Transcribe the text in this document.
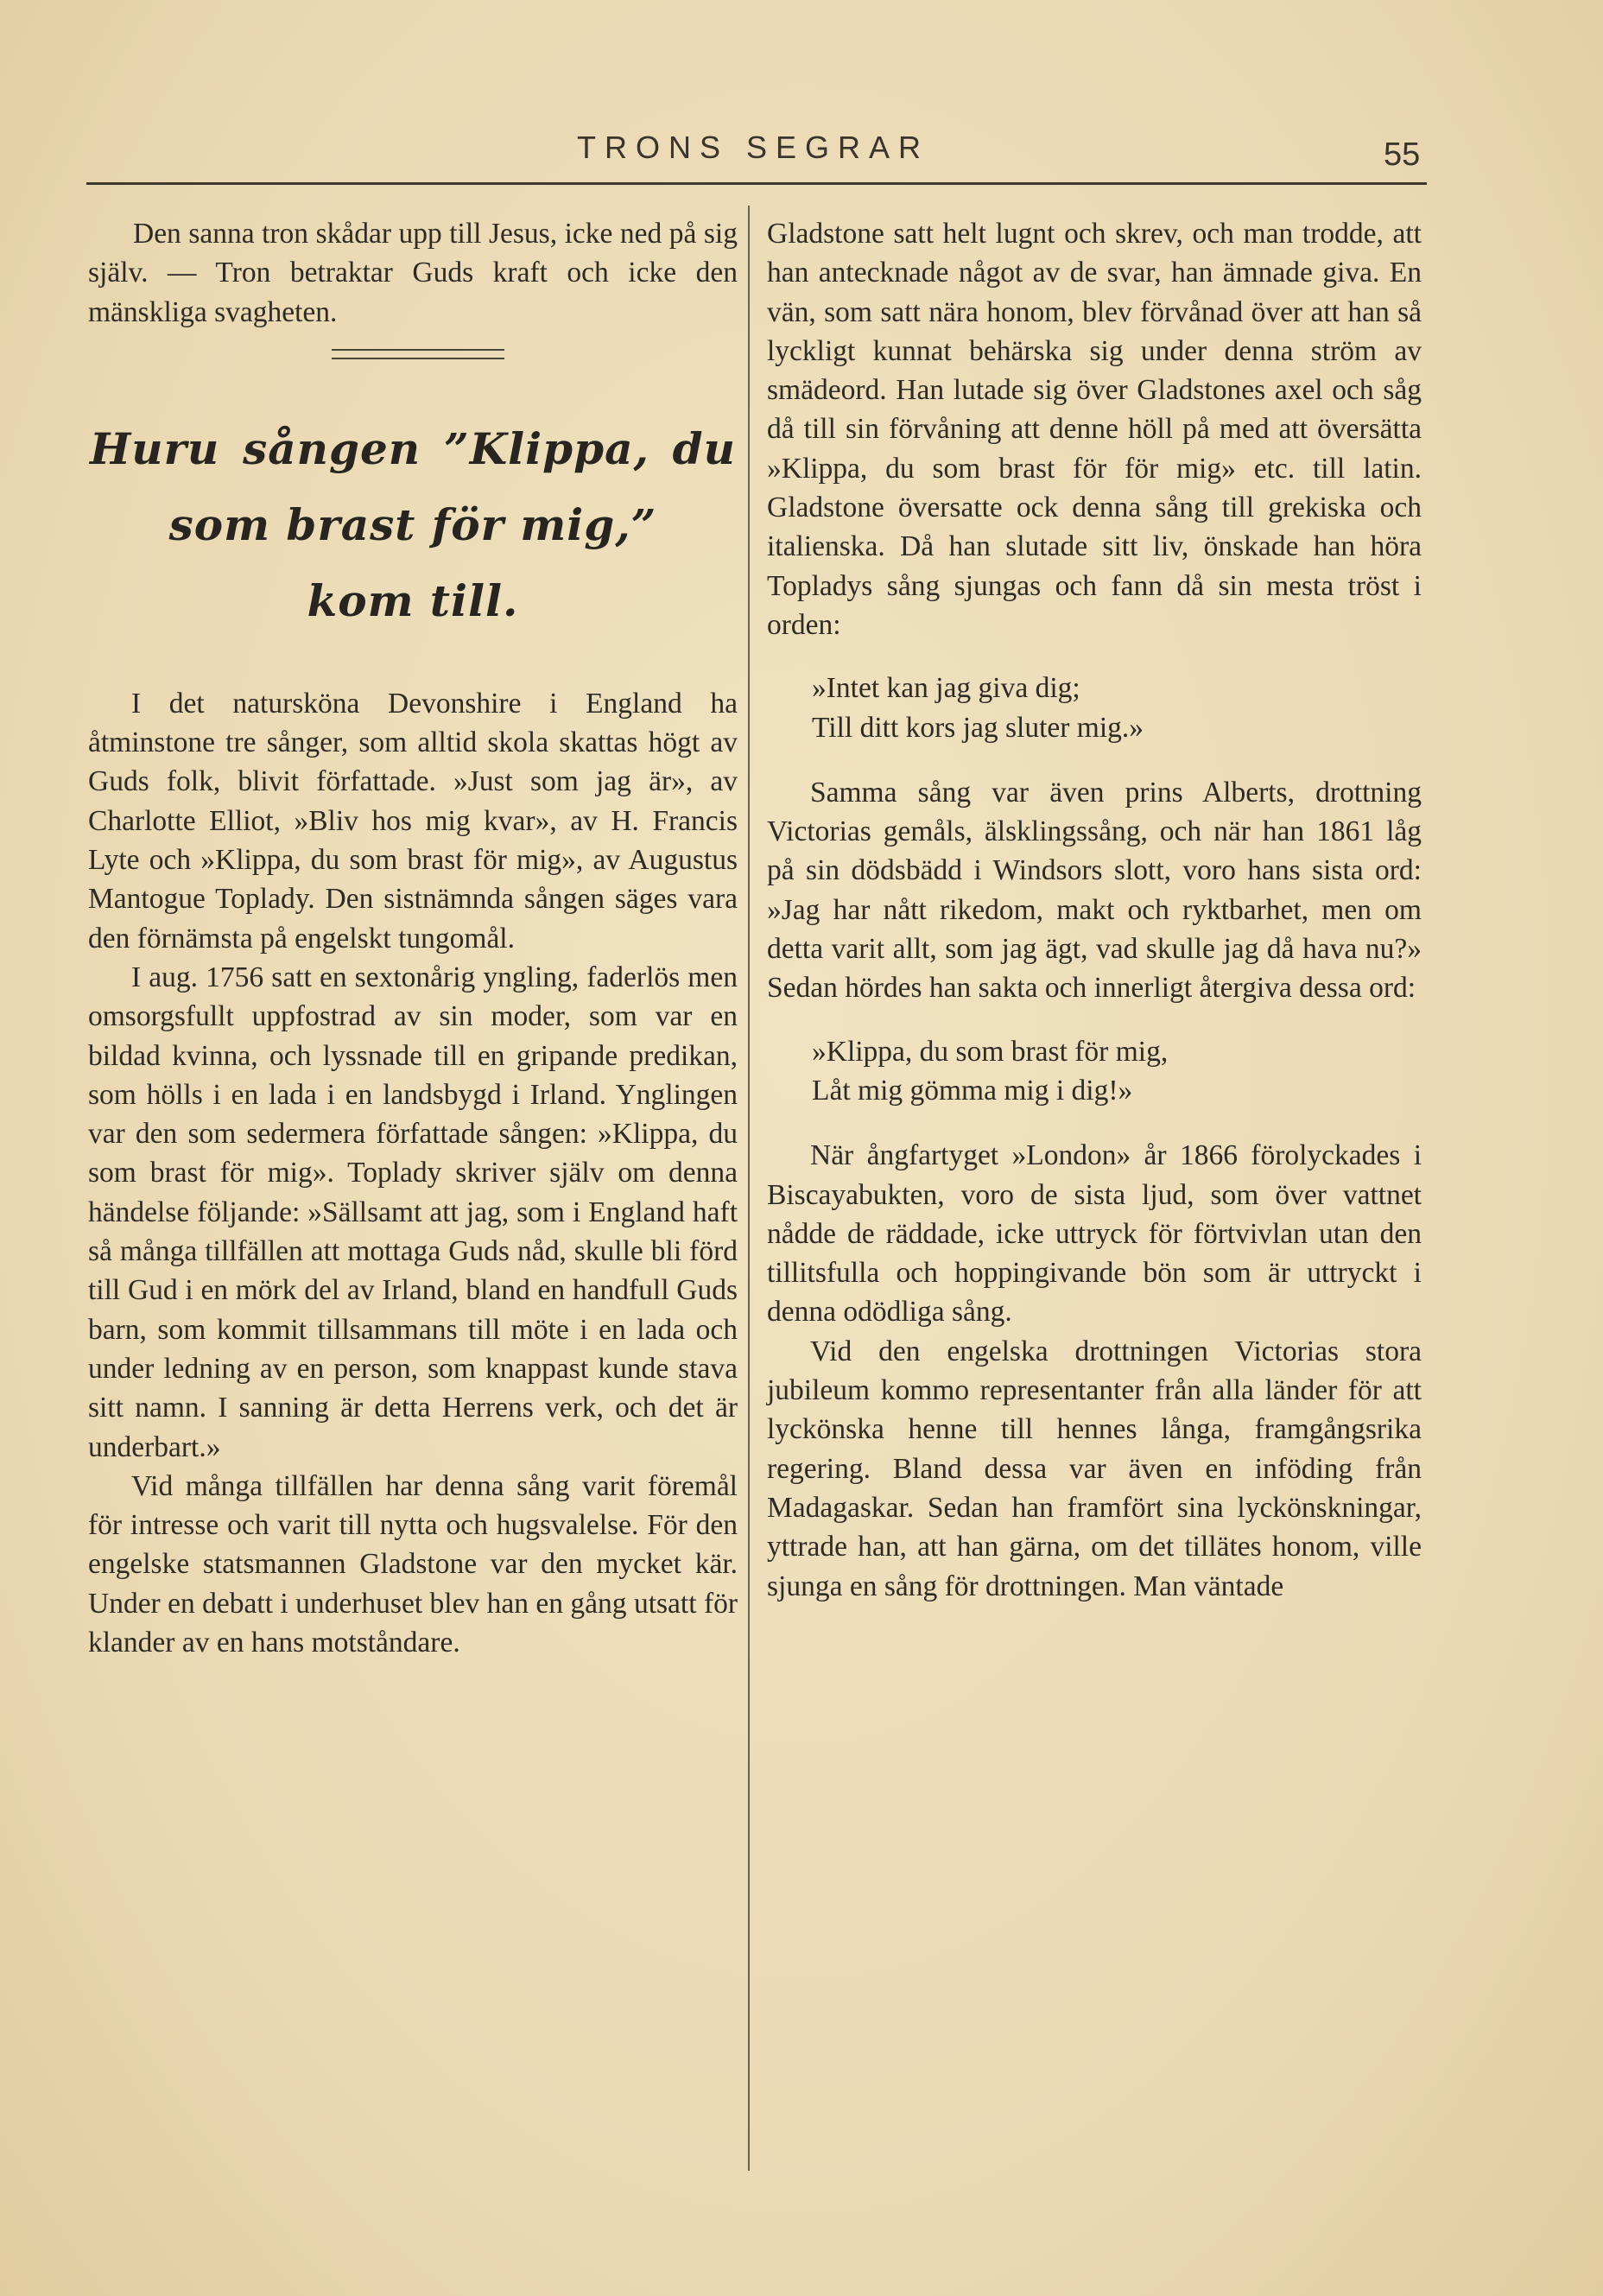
TRONS SEGRAR	55

Den sanna tron skådar upp till Jesus, icke ned på sig själv. — Tron betraktar Guds kraft och icke den mänskliga svagheten.

Huru sången ”Klippa, du
som brast för mig,”
kom till.

I det natursköna Devonshire i England ha åtminstone tre sånger, som alltid skola skattas högt av Guds folk, blivit författade. »Just som jag är», av Charlotte Elliot, »Bliv hos mig kvar», av H. Francis Lyte och »Klippa, du som brast för mig», av Augustus Mantogue Toplady. Den sistnämnda sången säges vara den förnämsta på engelskt tungomål.

I aug. 1756 satt en sextonårig yngling, faderlös men omsorgsfullt uppfostrad av sin moder, som var en bildad kvinna, och lyssnade till en gripande predikan, som hölls i en lada i en landsbygd i Irland. Ynglingen var den som sedermera författade sången: »Klippa, du som brast för mig». Toplady skriver själv om denna händelse följande: »Sällsamt att jag, som i England haft så många tillfällen att mottaga Guds nåd, skulle bli förd till Gud i en mörk del av Irland, bland en handfull Guds barn, som kommit tillsammans till möte i en lada och under ledning av en person, som knappast kunde stava sitt namn. I sanning är detta Herrens verk, och det är underbart.»

Vid många tillfällen har denna sång varit föremål för intresse och varit till nytta och hugsvalelse. För den engelske statsmannen Gladstone var den mycket kär. Under en debatt i underhuset blev han en gång utsatt för klander av en hans motståndare.

Gladstone satt helt lugnt och skrev, och man trodde, att han antecknade något av de svar, han ämnade giva. En vän, som satt nära honom, blev förvånad över att han så lyckligt kunnat behärska sig under denna ström av smädeord. Han lutade sig över Gladstones axel och såg då till sin förvåning att denne höll på med att översätta »Klippa, du som brast för för mig» etc. till latin. Gladstone översatte ock denna sång till grekiska och italienska. Då han slutade sitt liv, önskade han höra Topladys sång sjungas och fann då sin mesta tröst i orden:

»Intet kan jag giva dig;
Till ditt kors jag sluter mig.»

Samma sång var även prins Alberts, drottning Victorias gemåls, älsklingssång, och när han 1861 låg på sin dödsbädd i Windsors slott, voro hans sista ord: »Jag har nått rikedom, makt och ryktbarhet, men om detta varit allt, som jag ägt, vad skulle jag då hava nu?» Sedan hördes han sakta och innerligt återgiva dessa ord:

»Klippa, du som brast för mig,
Låt mig gömma mig i dig!»

När ångfartyget »London» år 1866 förolyckades i Biscayabukten, voro de sista ljud, som över vattnet nådde de räddade, icke uttryck för förtvivlan utan den tillitsfulla och hoppingivande bön som är uttryckt i denna odödliga sång.

Vid den engelska drottningen Victorias stora jubileum kommo representanter från alla länder för att lyckönska henne till hennes långa, framgångsrika regering. Bland dessa var även en inföding från Madagaskar. Sedan han framfört sina lyckönskningar, yttrade han, att han gärna, om det tillätes honom, ville sjunga en sång för drottningen. Man väntade
